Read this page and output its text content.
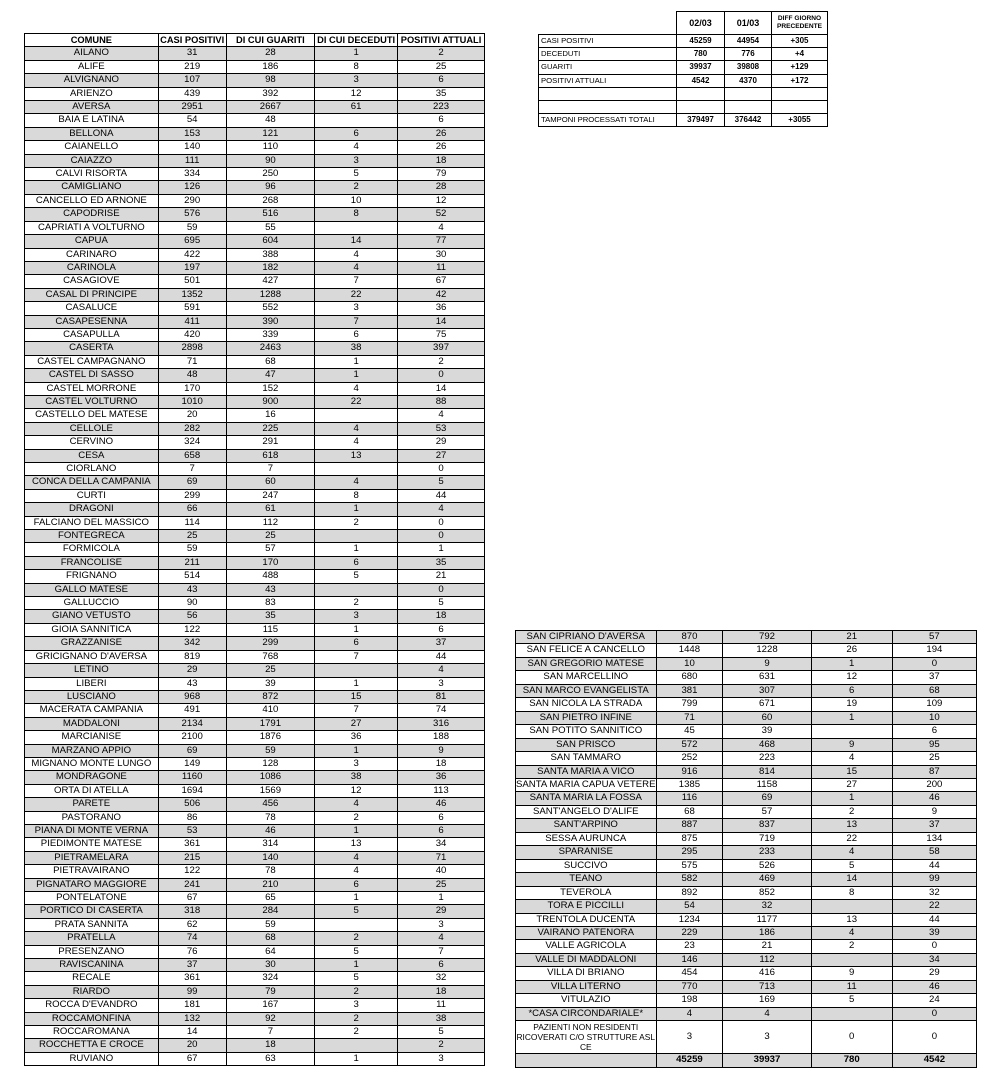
COMUNE	CASI POSITIVI	DI CUI GUARITI	DI CUI DECEDUTI	POSITIVI ATTUALI
AILANO	31	28	1	2
ALIFE	219	186	8	25
ALVIGNANO	107	98	3	6
ARIENZO	439	392	12	35
AVERSA	2951	2667	61	223
BAIA E LATINA	54	48		6
BELLONA	153	121	6	26
CAIANELLO	140	110	4	26
CAIAZZO	111	90	3	18
CALVI RISORTA	334	250	5	79
CAMIGLIANO	126	96	2	28
CANCELLO ED ARNONE	290	268	10	12
CAPODRISE	576	516	8	52
CAPRIATI A VOLTURNO	59	55		4
CAPUA	695	604	14	77
CARINARO	422	388	4	30
CARINOLA	197	182	4	11
CASAGIOVE	501	427	7	67
CASAL DI PRINCIPE	1352	1288	22	42
CASALUCE	591	552	3	36
CASAPESENNA	411	390	7	14
CASAPULLA	420	339	6	75
CASERTA	2898	2463	38	397
CASTEL CAMPAGNANO	71	68	1	2
CASTEL DI SASSO	48	47	1	0
CASTEL MORRONE	170	152	4	14
CASTEL VOLTURNO	1010	900	22	88
CASTELLO DEL MATESE	20	16		4
CELLOLE	282	225	4	53
CERVINO	324	291	4	29
CESA	658	618	13	27
CIORLANO	7	7		0
CONCA DELLA CAMPANIA	69	60	4	5
CURTI	299	247	8	44
DRAGONI	66	61	1	4
FALCIANO DEL MASSICO	114	112	2	0
FONTEGRECA	25	25		0
FORMICOLA	59	57	1	1
FRANCOLISE	211	170	6	35
FRIGNANO	514	488	5	21
GALLO MATESE	43	43		0
GALLUCCIO	90	83	2	5
GIANO VETUSTO	56	35	3	18
GIOIA SANNITICA	122	115	1	6
GRAZZANISE	342	299	6	37
GRICIGNANO D'AVERSA	819	768	7	44
LETINO	29	25		4
LIBERI	43	39	1	3
LUSCIANO	968	872	15	81
MACERATA CAMPANIA	491	410	7	74
MADDALONI	2134	1791	27	316
MARCIANISE	2100	1876	36	188
MARZANO APPIO	69	59	1	9
MIGNANO MONTE LUNGO	149	128	3	18
MONDRAGONE	1160	1086	38	36
ORTA DI ATELLA	1694	1569	12	113
PARETE	506	456	4	46
PASTORANO	86	78	2	6
PIANA DI MONTE VERNA	53	46	1	6
PIEDIMONTE MATESE	361	314	13	34
PIETRAMELARA	215	140	4	71
PIETRAVAIRANO	122	78	4	40
PIGNATARO MAGGIORE	241	210	6	25
PONTELATONE	67	65	1	1
PORTICO DI CASERTA	318	284	5	29
PRATA SANNITA	62	59		3
PRATELLA	74	68	2	4
PRESENZANO	76	64	5	7
RAVISCANINA	37	30	1	6
RECALE	361	324	5	32
RIARDO	99	79	2	18
ROCCA D'EVANDRO	181	167	3	11
ROCCAMONFINA	132	92	2	38
ROCCAROMANA	14	7	2	5
ROCCHETTA E CROCE	20	18		2
RUVIANO	67	63	1	3
	02/03	01/03	DIFF GIORNO PRECEDENTE
CASI POSITIVI	45259	44954	+305
DECEDUTI	780	776	+4
GUARITI	39937	39808	+129
POSITIVI ATTUALI	4542	4370	+172

TAMPONI PROCESSATI TOTALI	379497	376442	+3055
SAN CIPRIANO D'AVERSA	870	792	21	57
SAN FELICE A CANCELLO	1448	1228	26	194
SAN GREGORIO MATESE	10	9	1	0
SAN MARCELLINO	680	631	12	37
SAN MARCO EVANGELISTA	381	307	6	68
SAN NICOLA LA STRADA	799	671	19	109
SAN PIETRO INFINE	71	60	1	10
SAN POTITO SANNITICO	45	39		6
SAN PRISCO	572	468	9	95
SAN TAMMARO	252	223	4	25
SANTA MARIA A VICO	916	814	15	87
SANTA MARIA CAPUA VETERE	1385	1158	27	200
SANTA MARIA LA FOSSA	116	69	1	46
SANT'ANGELO D'ALIFE	68	57	2	9
SANT'ARPINO	887	837	13	37
SESSA AURUNCA	875	719	22	134
SPARANISE	295	233	4	58
SUCCIVO	575	526	5	44
TEANO	582	469	14	99
TEVEROLA	892	852	8	32
TORA E PICCILLI	54	32		22
TRENTOLA DUCENTA	1234	1177	13	44
VAIRANO PATENORA	229	186	4	39
VALLE AGRICOLA	23	21	2	0
VALLE DI MADDALONI	146	112		34
VILLA DI BRIANO	454	416	9	29
VILLA LITERNO	770	713	11	46
VITULAZIO	198	169	5	24
*CASA CIRCONDARIALE*	4	4		0
PAZIENTI NON RESIDENTI RICOVERATI C/O STRUTTURE ASL CE	3	3	0	0
	45259	39937	780	4542
